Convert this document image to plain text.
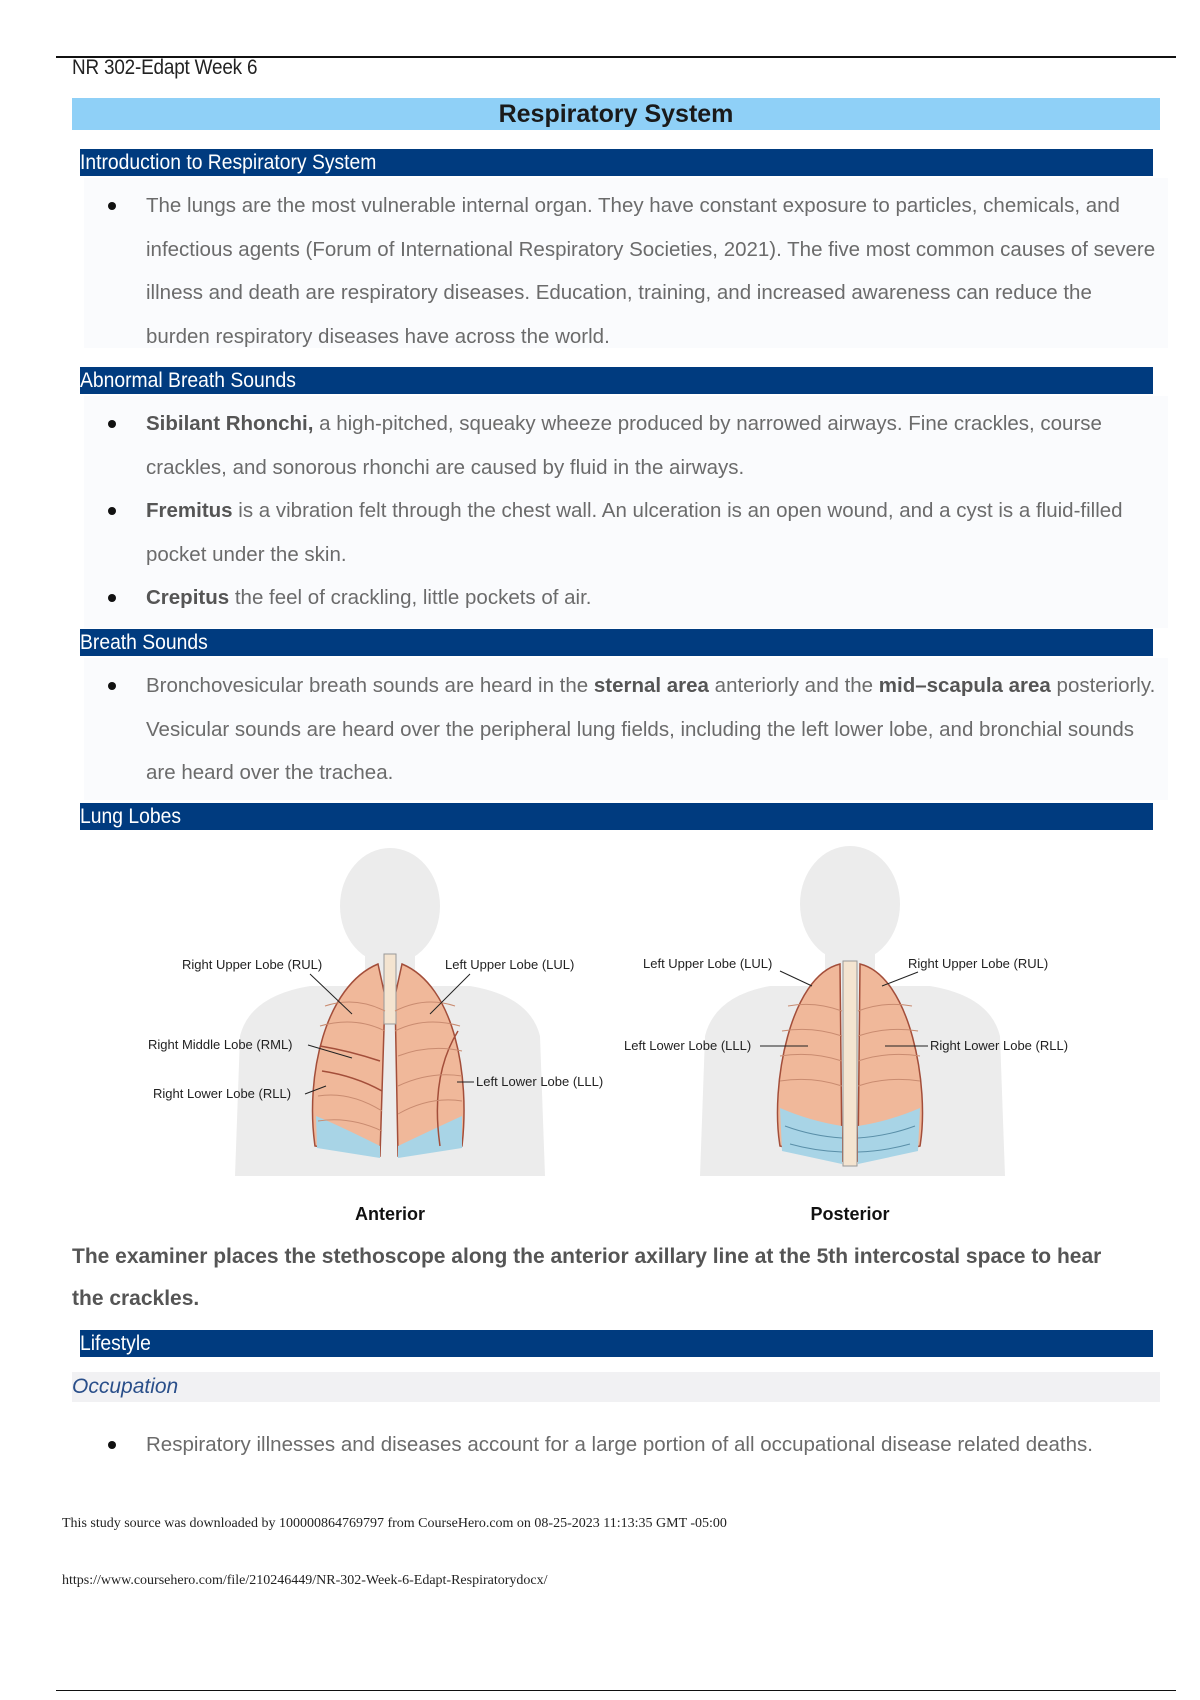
NR 302-Edapt Week 6
Respiratory System
Introduction to Respiratory System
The lungs are the most vulnerable internal organ. They have constant exposure to particles, chemicals, and infectious agents (Forum of International Respiratory Societies, 2021). The five most common causes of severe illness and death are respiratory diseases. Education, training, and increased awareness can reduce the burden respiratory diseases have across the world.
Abnormal Breath Sounds
Sibilant Rhonchi, a high-pitched, squeaky wheeze produced by narrowed airways. Fine crackles, course crackles, and sonorous rhonchi are caused by fluid in the airways.
Fremitus is a vibration felt through the chest wall. An ulceration is an open wound, and a cyst is a fluid-filled pocket under the skin.
Crepitus the feel of crackling, little pockets of air.
Breath Sounds
Bronchovesicular breath sounds are heard in the sternal area anteriorly and the mid–scapula area posteriorly. Vesicular sounds are heard over the peripheral lung fields, including the left lower lobe, and bronchial sounds are heard over the trachea.
Lung Lobes
Right Upper Lobe (RUL)	Left Upper Lobe (LUL)
Right Middle Lobe (RML)
Right Lower Lobe (RLL)
Left Lower Lobe (LLL)
Anterior
Left Upper Lobe (LUL)	Right Upper Lobe (RUL)
Left Lower Lobe (LLL)	Right Lower Lobe (RLL)
Posterior
The examiner places the stethoscope along the anterior axillary line at the 5th intercostal space to hear the crackles.
Lifestyle
Occupation
Respiratory illnesses and diseases account for a large portion of all occupational disease related deaths.
This study source was downloaded by 100000864769797 from CourseHero.com on 08-25-2023 11:13:35 GMT -05:00
https://www.coursehero.com/file/210246449/NR-302-Week-6-Edapt-Respiratorydocx/
